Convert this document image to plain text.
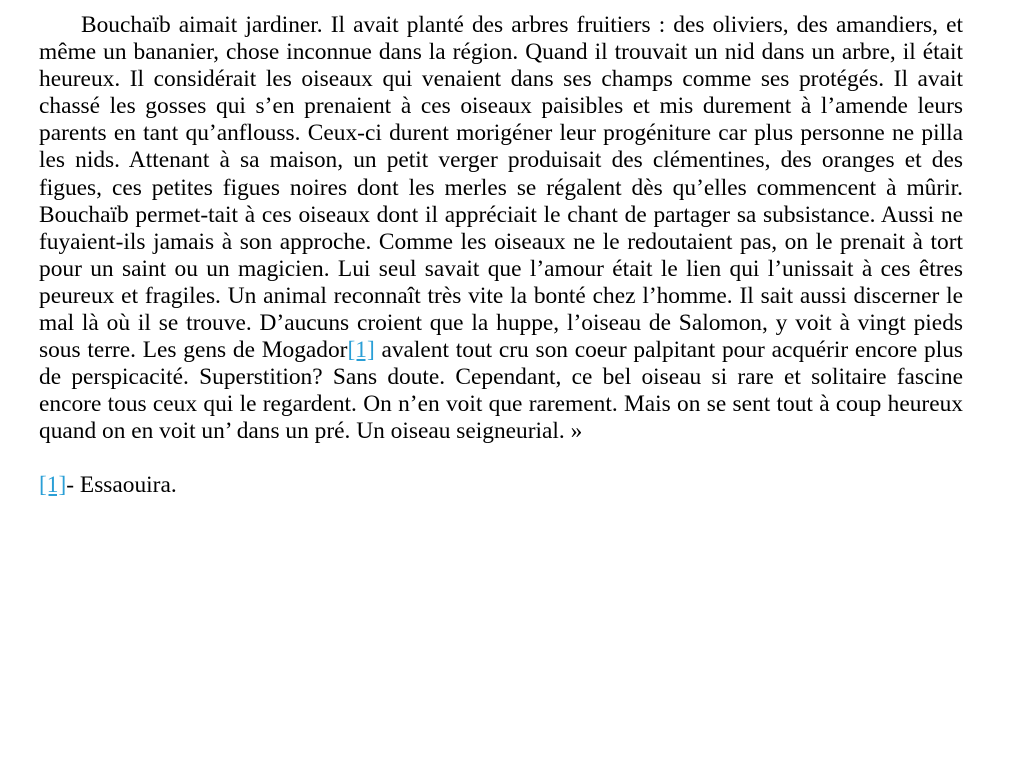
Bouchaïb aimait jardiner. Il avait planté des arbres fruitiers : des oliviers, des amandiers, et même un bananier, chose inconnue dans la région. Quand il trouvait un nid dans un arbre, il était heureux. Il considérait les oiseaux qui venaient dans ses champs comme ses protégés. Il avait chassé les gosses qui s’en prenaient à ces oiseaux paisibles et mis durement à l’amende leurs parents en tant qu’anflouss. Ceux-ci durent morigéner leur progéniture car plus personne ne pilla les nids. Attenant à sa maison, un petit verger produisait des clémentines, des oranges et des figues, ces petites figues noires dont les merles se régalent dès qu’elles commencent à mûrir. Bouchaïb permet-tait à ces oiseaux dont il appréciait le chant de partager sa subsistance. Aussi ne fuyaient-ils jamais à son approche. Comme les oiseaux ne le redoutaient pas, on le prenait à tort pour un saint ou un magicien. Lui seul savait que l’amour était le lien qui l’unissait à ces êtres peureux et fragiles. Un animal reconnaît très vite la bonté chez l’homme. Il sait aussi discerner le mal là où il se trouve. D’aucuns croient que la huppe, l’oiseau de Salomon, y voit à vingt pieds sous terre. Les gens de Mogador[1] avalent tout cru son coeur palpitant pour acquérir encore plus de perspicacité. Superstition? Sans doute. Cependant, ce bel oiseau si rare et solitaire fascine encore tous ceux qui le regardent. On n’en voit que rarement. Mais on se sent tout à coup heureux quand on en voit un’ dans un pré. Un oiseau seigneurial. »

[1]- Essaouira.
